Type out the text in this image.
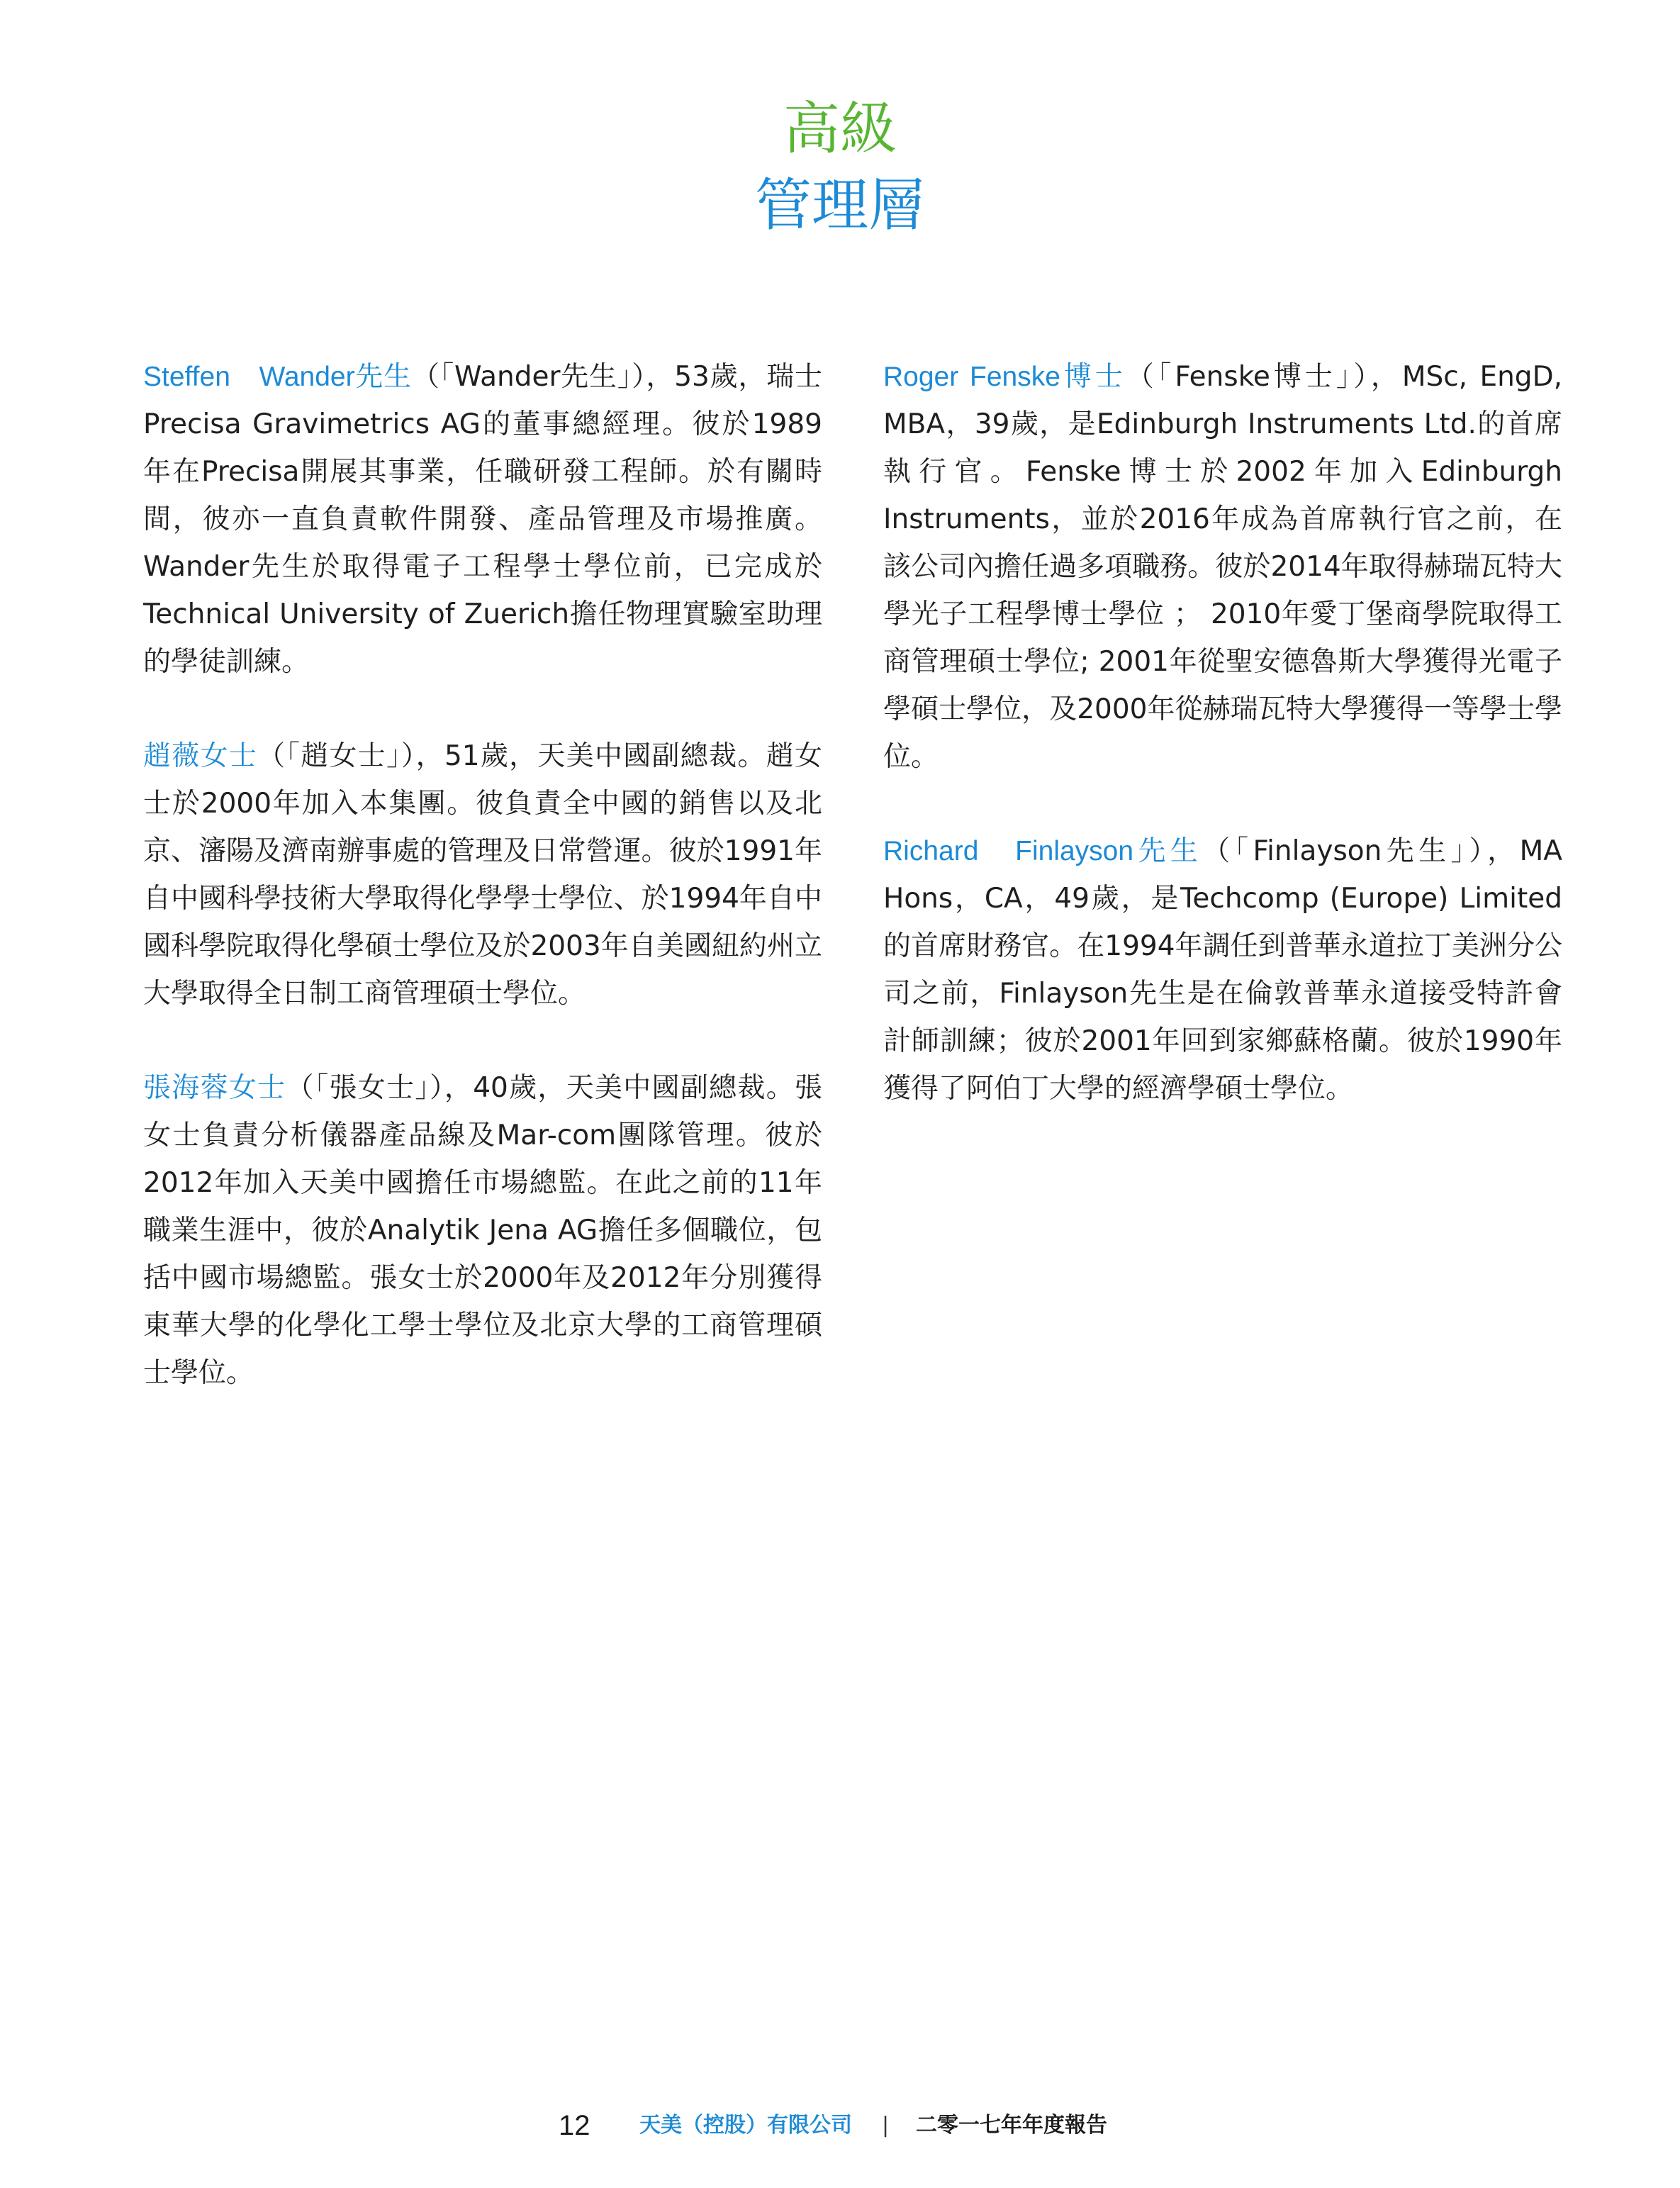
高級
管理層

Steffen　Wander先生（「Wander先生」），53歲，瑞士Precisa Gravimetrics AG的董事總經理。彼於1989年在Precisa開展其事業，任職研發工程師。於有關時間，彼亦一直負責軟件開發、產品管理及市場推廣。Wander先生於取得電子工程學士學位前，已完成於Technical University of Zuerich擔任物理實驗室助理的學徒訓練。

趙薇女士（「趙女士」），51歲，天美中國副總裁。趙女士於2000年加入本集團。彼負責全中國的銷售以及北京、瀋陽及濟南辦事處的管理及日常營運。彼於1991年自中國科學技術大學取得化學學士學位、於1994年自中國科學院取得化學碩士學位及於2003年自美國紐約州立大學取得全日制工商管理碩士學位。

張海蓉女士（「張女士」），40歲，天美中國副總裁。張女士負責分析儀器產品線及Mar-com團隊管理。彼於2012年加入天美中國擔任市場總監。在此之前的11年職業生涯中，彼於Analytik Jena AG擔任多個職位，包括中國市場總監。張女士於2000年及2012年分別獲得東華大學的化學化工學士學位及北京大學的工商管理碩士學位。

Roger Fenske博士（「Fenske博士」），MSc, EngD, MBA，39歲，是Edinburgh Instruments Ltd.的首席執行官。Fenske博士於2002年加入Edinburgh Instruments，並於2016年成為首席執行官之前，在該公司內擔任過多項職務。彼於2014年取得赫瑞瓦特大學光子工程學博士學位 ； 2010年愛丁堡商學院取得工商管理碩士學位; 2001年從聖安德魯斯大學獲得光電子學碩士學位，及2000年從赫瑞瓦特大學獲得一等學士學位。

Richard　Finlayson先生（「Finlayson先生」），MA Hons，CA，49歲，是Techcomp (Europe) Limited的首席財務官。在1994年調任到普華永道拉丁美洲分公司之前，Finlayson先生是在倫敦普華永道接受特許會計師訓練；彼於2001年回到家鄉蘇格蘭。彼於1990年獲得了阿伯丁大學的經濟學碩士學位。

12 天美（控股）有限公司 | 二零一七年年度報告
